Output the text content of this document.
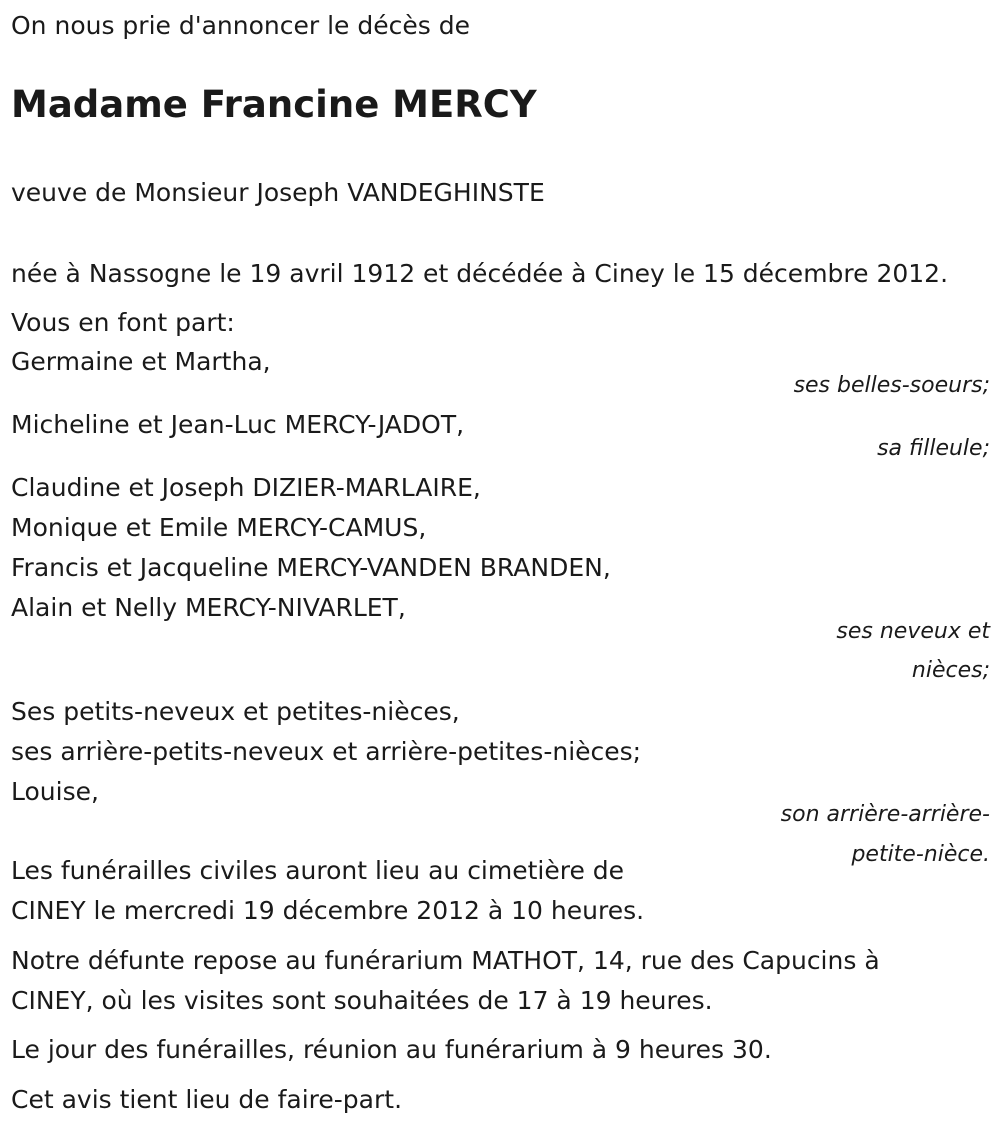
On nous prie d'annoncer le décès de

Madame Francine MERCY

veuve de Monsieur Joseph VANDEGHINSTE

née à Nassogne le 19 avril 1912 et décédée à Ciney le 15 décembre 2012.

Vous en font part:

Germaine et Martha,

ses belles-soeurs;

Micheline et Jean-Luc MERCY-JADOT,

sa filleule;

Claudine et Joseph DIZIER-MARLAIRE,

Monique et Emile MERCY-CAMUS,

Francis et Jacqueline MERCY-VANDEN BRANDEN,

Alain et Nelly MERCY-NIVARLET,

ses neveux et

nièces;

Ses petits-neveux et petites-nièces,

ses arrière-petits-neveux et arrière-petites-nièces;

Louise,

son arrière-arrière-

petite-nièce.

Les funérailles civiles auront lieu au cimetière de

CINEY le mercredi 19 décembre 2012 à 10 heures.

Notre défunte repose au funérarium MATHOT, 14, rue des Capucins à

CINEY, où les visites sont souhaitées de 17 à 19 heures.

Le jour des funérailles, réunion au funérarium à 9 heures 30.

Cet avis tient lieu de faire-part.
